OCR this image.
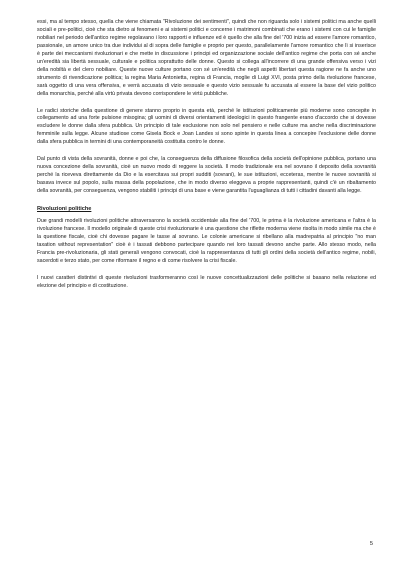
essi, ma al tempo stesso, quella che viene chiamata "Rivoluzione dei sentimenti", quindi che non riguarda solo i sistemi politici ma anche quelli sociali e pre-politici, cioè che sta dietro ai fenomeni e ai sistemi politici e concerne i matrimoni combinati che erano i sistemi con cui le famiglie nobiliari nel periodo dell'antico regime regolavano i loro rapporti e influenze ed è quello che alla fine del '700 inizia ad essere l'amore romantico, passionale, un amore unico tra due individui al di sopra delle famiglie e proprio per questo, parallelamente l'amore romantico che lì si inserisce è parte dei meccanismi rivoluzionari e che mette in discussione i principi ed organizzazione sociale dell'antico regime che porta con sé anche un'eredità sia libertà sessuale, culturale e politica soprattutto delle donne. Questo si collega all'incorrere di una grande offensiva verso i vizi della nobiltà e del clero nobiliare. Queste nuove culture portano con sé un'eredità che negli aspetti libertari questa ragione ne fa anche uno strumento di rivendicazione politica; la regina Maria Antonietta, regina di Francia, moglie di Luigi XVI, posta primo della rivoluzione francese, sarà oggetto di una vera offensiva, e verrà accusata di vizio sessuale e questo vizio sessuale fu accusata al essere la base del vizio politico della monarchia, perché alla virtù privata devono corrispondere le virtù pubbliche.

Le radici storiche della questione di genere stanno proprio in questa età, perché le istituzioni politicamente più moderne sono concepite in collegamento ad una forte pulsione misogina; gli uomini di diversi orientamenti ideologici in questo frangente erano d'accordo che si dovesse escludere le donne dalla sfera pubblica. Un principio di tale esclusione non solo nel pensiero e nelle culture ma anche nella discriminazione femminile sulla legge. Alcune studiose come Gisela Bock e Joan Landes si sono spinte in questa linea a concepire l'esclusione delle donne dalla sfera pubblica in termini di una contemporaneità costituita contro le donne.

Dal punto di vista della sovranità, donne e poi che, la conseguenza della diffusione filosofica della società dell'opinione pubblica, portano una nuova concezione della sovranità, cioè un nuovo modo di reggere la società. Il modo tradizionale era nel sovrano il deposito della sovranità perché la riceveva direttamente da Dio e la esercitava sui propri sudditi (sovrani), le sue istituzioni, ecceteras, mentre le nuove sovranità si basava invece sul popolo, sulla massa della popolazione, che in modo diverso eleggeva a proprie rappresentanti, quindi c'è un ribaltamento della sovranità, per conseguenza, vengono stabiliti i principi di una base e viene garantita l'uguaglianza di tutti i cittadini davanti alla legge.

Rivoluzioni politiche

Due grandi modelli rivoluzioni politiche attraversarono la società occidentale alla fine del '700, le prima è la rivoluzione americana e l'altra è la rivoluzione francese. Il modello originale di queste crisi rivoluzionarie è una questione che riflette moderna viene risolta in modo simile ma che è la questione fiscale, cioè chi dovesse pagare le tasse al sovrano. Le colonie americane si ribellano alla madrepatria al principio "no man taxation without representation" cioè è i tassati debbono partecipare quando nei loro tassati devono anche parte. Allo stesso modo, nella Francia pre-rivoluzionaria, gli stati generali vengono convocati, cioè la rappresentanza di tutti gli ordini della società dell'antico regime, nobili, sacerdoti e terzo stato, per come riformare il regno e di come risolvere la crisi fiscale.

I nuovi caratteri distintivi di queste rivoluzioni trasformeranno così le nuove concettualizzazioni delle politiche si basano nella relazione ed elezione del principio e di costituzione.

5
